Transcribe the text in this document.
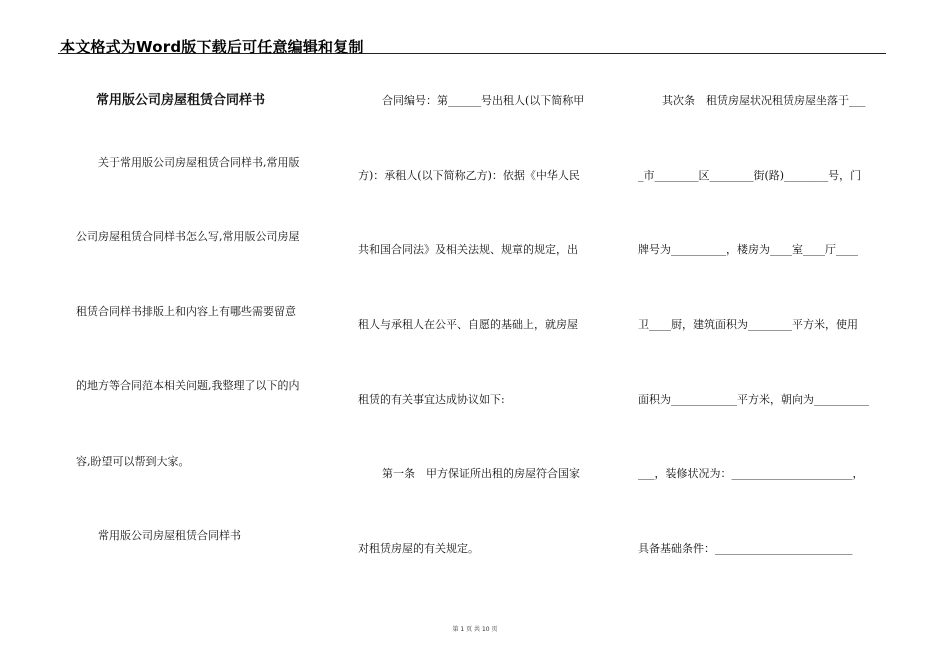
本文格式为Word版下载后可任意编辑和复制
常用版公司房屋租赁合同样书
关于常用版公司房屋租赁合同样书,常用版
公司房屋租赁合同样书怎么写,常用版公司房屋
租赁合同样书排版上和内容上有哪些需要留意
的地方等合同范本相关问题,我整理了以下的内
容,盼望可以帮到大家。
常用版公司房屋租赁合同样书
合同编号：第______号出租人(以下简称甲
方)：承租人(以下简称乙方)：依据《中华人民
共和国合同法》及相关法规、规章的规定，出
租人与承租人在公平、自愿的基础上，就房屋
租赁的有关事宜达成协议如下:
第一条　甲方保证所出租的房屋符合国家
对租赁房屋的有关规定。
其次条　租赁房屋状况租赁房屋坐落于___
_市________区________街(路)________号，门
牌号为__________，楼房为____室____厅____
卫____厨，建筑面积为________平方米，使用
面积为____________平方米，朝向为__________
___，装修状况为：______________________，
具备基础条件：_________________________
第 1 页 共 10 页
